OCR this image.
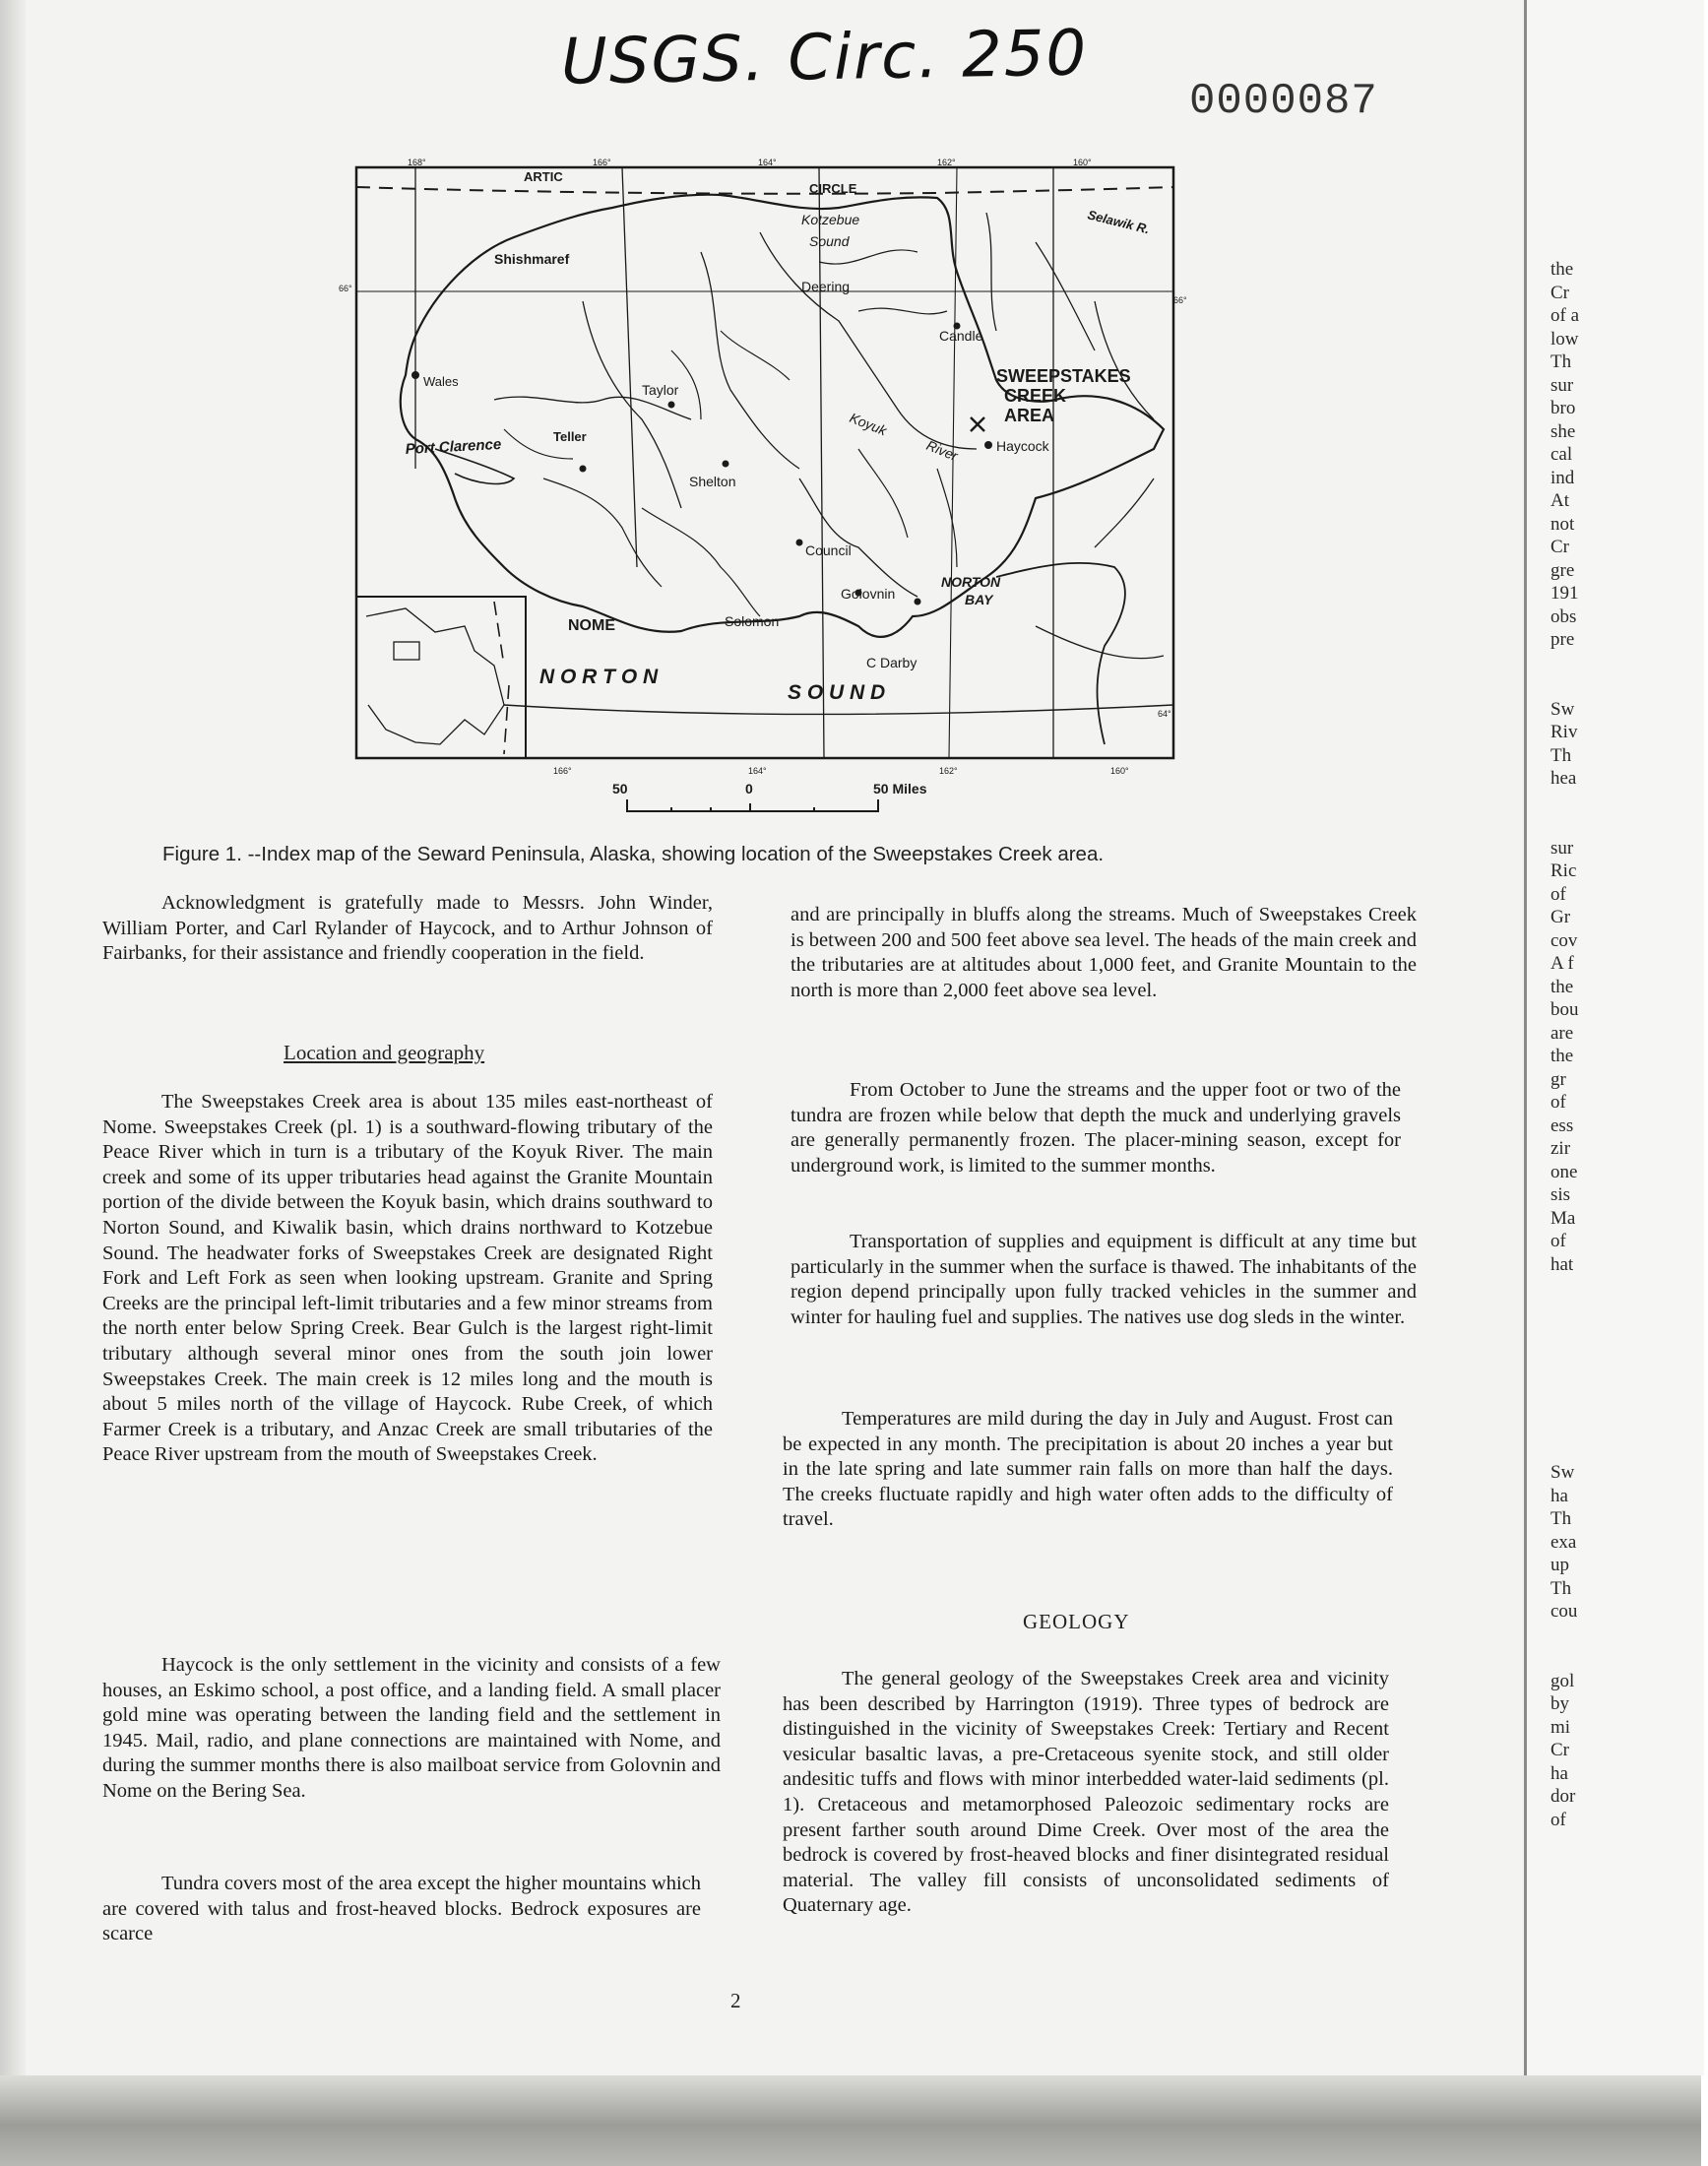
USGS. Circ. 250
0000087
ARTIC
CIRCLE
Kotzebue
Sound
Selawik R.
Shishmaref
Deering
Candle
Wales
Taylor
SWEEPSTAKES
CREEK
AREA
Port Clarence	Teller	Koyuk
River	Haycock
Shelton
Council
Golovnin
NORTON
BAY
NOME	Solomon
C Darby
N O R T O N
S O U N D
168°	166°	164°	162°	160°
166°	164°	162°	160°
66°
66°
64°
50	0	50 Miles
Figure 1. --Index map of the Seward Peninsula, Alaska, showing location of the Sweepstakes Creek area.

Acknowledgment is gratefully made to Messrs. John Winder, William Porter, and Carl Rylander of Haycock, and to Arthur Johnson of Fairbanks, for their assistance and friendly cooperation in the field.

Location and geography

The Sweepstakes Creek area is about 135 miles east-northeast of Nome. Sweepstakes Creek (pl. 1) is a southward-flowing tributary of the Peace River which in turn is a tributary of the Koyuk River. The main creek and some of its upper tributaries head against the Granite Mountain portion of the divide between the Koyuk basin, which drains southward to Norton Sound, and Kiwalik basin, which drains northward to Kotzebue Sound. The headwater forks of Sweepstakes Creek are designated Right Fork and Left Fork as seen when looking upstream. Granite and Spring Creeks are the principal left-limit tributaries and a few minor streams from the north enter below Spring Creek. Bear Gulch is the largest right-limit tributary although several minor ones from the south join lower Sweepstakes Creek. The main creek is 12 miles long and the mouth is about 5 miles north of the village of Haycock. Rube Creek, of which Farmer Creek is a tributary, and Anzac Creek are small tributaries of the Peace River upstream from the mouth of Sweepstakes Creek.

Haycock is the only settlement in the vicinity and consists of a few houses, an Eskimo school, a post office, and a landing field. A small placer gold mine was operating between the landing field and the settlement in 1945. Mail, radio, and plane connections are maintained with Nome, and during the summer months there is also mailboat service from Golovnin and Nome on the Bering Sea.

Tundra covers most of the area except the higher mountains which are covered with talus and frost-heaved blocks. Bedrock exposures are scarce

and are principally in bluffs along the streams. Much of Sweepstakes Creek is between 200 and 500 feet above sea level. The heads of the main creek and the tributaries are at altitudes about 1,000 feet, and Granite Mountain to the north is more than 2,000 feet above sea level.

From October to June the streams and the upper foot or two of the tundra are frozen while below that depth the muck and underlying gravels are generally permanently frozen. The placer-mining season, except for underground work, is limited to the summer months.

Transportation of supplies and equipment is difficult at any time but particularly in the summer when the surface is thawed. The inhabitants of the region depend principally upon fully tracked vehicles in the summer and winter for hauling fuel and supplies. The natives use dog sleds in the winter.

Temperatures are mild during the day in July and August. Frost can be expected in any month. The precipitation is about 20 inches a year but in the late spring and late summer rain falls on more than half the days. The creeks fluctuate rapidly and high water often adds to the difficulty of travel.

GEOLOGY

The general geology of the Sweepstakes Creek area and vicinity has been described by Harrington (1919). Three types of bedrock are distinguished in the vicinity of Sweepstakes Creek: Tertiary and Recent vesicular basaltic lavas, a pre-Cretaceous syenite stock, and still older andesitic tuffs and flows with minor interbedded water-laid sediments (pl. 1). Cretaceous and metamorphosed Paleozoic sedimentary rocks are present farther south around Dime Creek. Over most of the area the bedrock is covered by frost-heaved blocks and finer disintegrated residual material. The valley fill consists of unconsolidated sediments of Quaternary age.

2
the
Cr
of a
low
Th
sur
bro
she
cal
ind
At
not
Cr
gre
191
obs
pre
Sw
Riv
Th
hea
sur
Ric
of
Gr
cov
A f
the
bou
are
the
gr
of
ess
zir
one
sis
Ma
of
hat
Sw
ha
Th
exa
up
Th
cou
gol
by
mi
Cr
ha
dor
of
